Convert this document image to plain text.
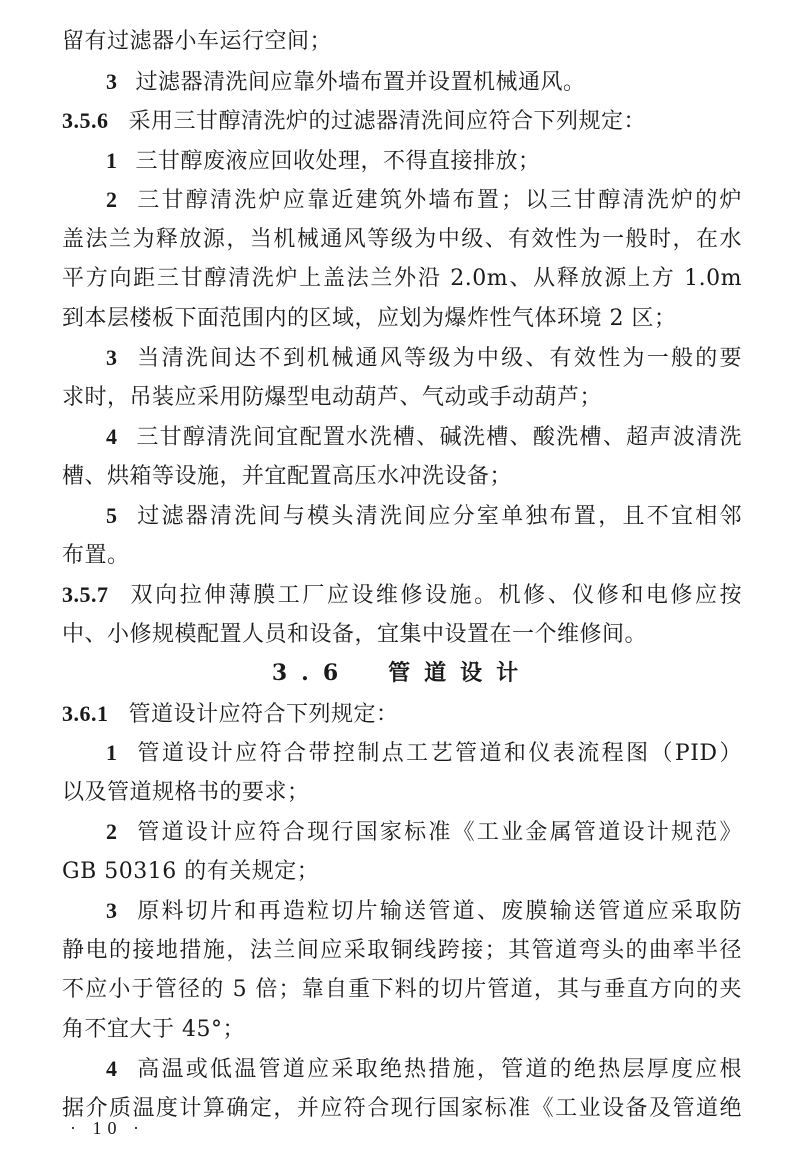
留有过滤器小车运行空间；
3 过滤器清洗间应靠外墙布置并设置机械通风。
3.5.6 采用三甘醇清洗炉的过滤器清洗间应符合下列规定：
1 三甘醇废液应回收处理，不得直接排放；
2 三甘醇清洗炉应靠近建筑外墙布置；以三甘醇清洗炉的炉
盖法兰为释放源，当机械通风等级为中级、有效性为一般时，在水
平方向距三甘醇清洗炉上盖法兰外沿 2.0m、从释放源上方 1.0m
到本层楼板下面范围内的区域，应划为爆炸性气体环境 2 区；
3 当清洗间达不到机械通风等级为中级、有效性为一般的要
求时，吊装应采用防爆型电动葫芦、气动或手动葫芦；
4 三甘醇清洗间宜配置水洗槽、碱洗槽、酸洗槽、超声波清洗
槽、烘箱等设施，并宜配置高压水冲洗设备；
5 过滤器清洗间与模头清洗间应分室单独布置，且不宜相邻
布置。
3.5.7 双向拉伸薄膜工厂应设维修设施。机修、仪修和电修应按
中、小修规模配置人员和设备，宜集中设置在一个维修间。
3.6　管道设计
3.6.1 管道设计应符合下列规定：
1 管道设计应符合带控制点工艺管道和仪表流程图（PID）
以及管道规格书的要求；
2 管道设计应符合现行国家标准《工业金属管道设计规范》
GB 50316 的有关规定；
3 原料切片和再造粒切片输送管道、废膜输送管道应采取防
静电的接地措施，法兰间应采取铜线跨接；其管道弯头的曲率半径
不应小于管径的 5 倍；靠自重下料的切片管道，其与垂直方向的夹
角不宜大于 45°；
4 高温或低温管道应采取绝热措施，管道的绝热层厚度应根
据介质温度计算确定，并应符合现行国家标准《工业设备及管道绝
· 10 ·
